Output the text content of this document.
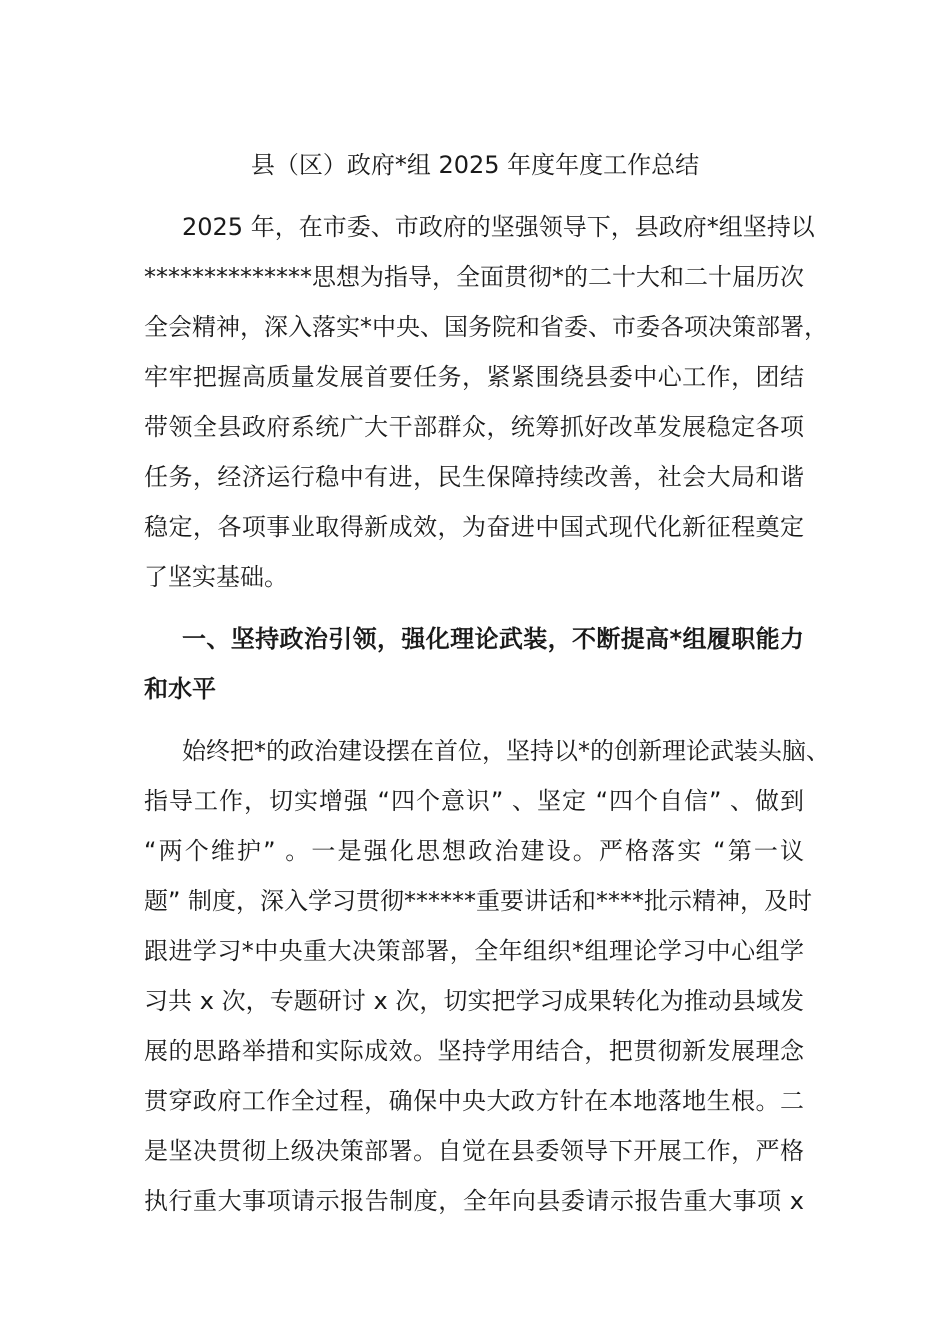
县（区）政府*组 2025 年度年度工作总结
2025 年，在市委、市政府的坚强领导下，县政府*组坚持以
**************思想为指导，全面贯彻*的二十大和二十届历次
全会精神，深入落实*中央、国务院和省委、市委各项决策部署，
牢牢把握高质量发展首要任务，紧紧围绕县委中心工作，团结
带领全县政府系统广大干部群众，统筹抓好改革发展稳定各项
任务，经济运行稳中有进，民生保障持续改善，社会大局和谐
稳定，各项事业取得新成效，为奋进中国式现代化新征程奠定
了坚实基础。
一、坚持政治引领，强化理论武装，不断提高*组履职能力
和水平
始终把*的政治建设摆在首位，坚持以*的创新理论武装头脑、
指导工作，切实增强 “四个意识” 、坚定 “四个自信” 、做到
“两个维护” 。一是强化思想政治建设。严格落实 “第一议
题” 制度，深入学习贯彻******重要讲话和****批示精神，及时
跟进学习*中央重大决策部署，全年组织*组理论学习中心组学
习共 x 次，专题研讨 x 次，切实把学习成果转化为推动县域发
展的思路举措和实际成效。坚持学用结合，把贯彻新发展理念
贯穿政府工作全过程，确保中央大政方针在本地落地生根。二
是坚决贯彻上级决策部署。自觉在县委领导下开展工作，严格
执行重大事项请示报告制度，全年向县委请示报告重大事项 x
